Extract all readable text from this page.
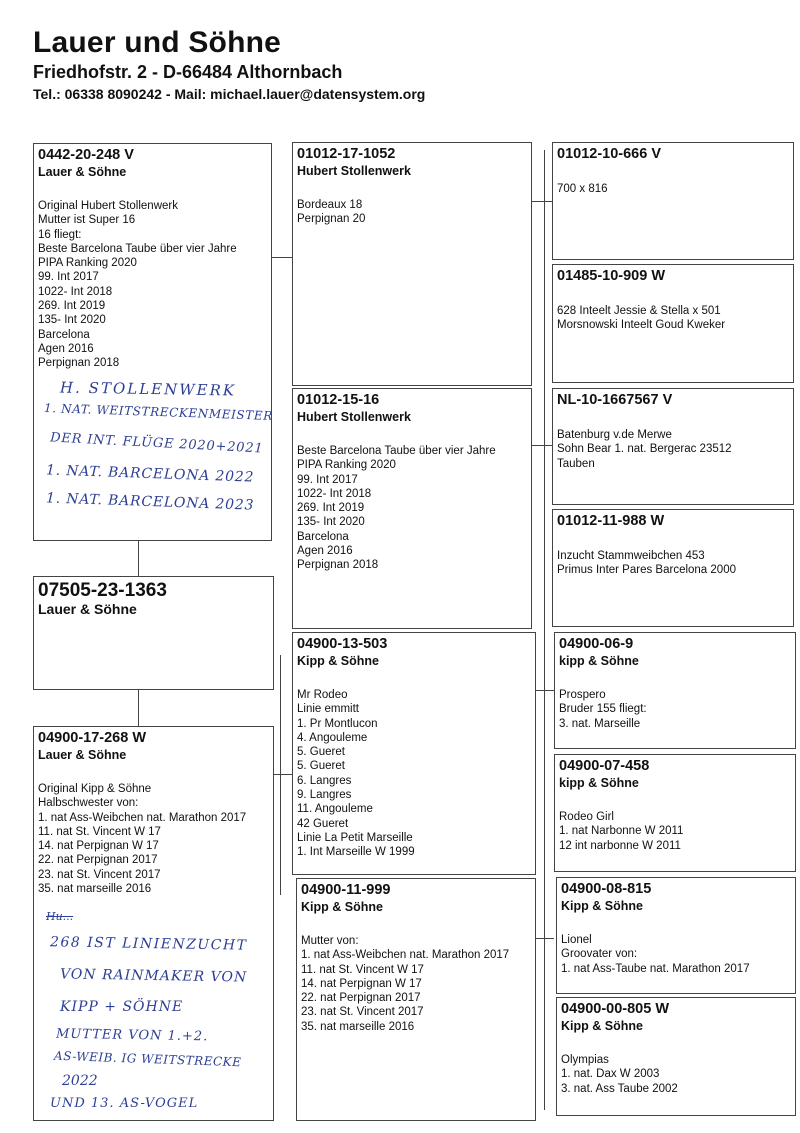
Lauer und Söhne
Friedhofstr. 2 - D-66484 Althornbach
Tel.: 06338 8090242 - Mail: michael.lauer@datensystem.org
0442-20-248 V
Lauer & Söhne
Original Hubert Stollenwerk
Mutter ist Super 16
16 fliegt:
Beste Barcelona Taube über vier Jahre
PIPA Ranking 2020
99. Int 2017
1022- Int 2018
269. Int 2019
135- Int 2020
Barcelona
Agen 2016
Perpignan 2018
07505-23-1363
Lauer & Söhne
04900-17-268 W
Lauer & Söhne
Original Kipp & Söhne
Halbschwester von:
1. nat Ass-Weibchen nat. Marathon 2017
11. nat St. Vincent W 17
14. nat Perpignan W 17
22. nat Perpignan 2017
23. nat St. Vincent 2017
35. nat marseille 2016
01012-17-1052
Hubert Stollenwerk
Bordeaux 18
Perpignan 20
01012-15-16
Hubert Stollenwerk
Beste Barcelona Taube über vier Jahre
PIPA Ranking 2020
99. Int 2017
1022- Int 2018
269. Int 2019
135- Int 2020
Barcelona
Agen 2016
Perpignan 2018
04900-13-503
Kipp & Söhne
Mr Rodeo
Linie emmitt
1. Pr Montlucon
4. Angouleme
5. Gueret
5. Gueret
6. Langres
9. Langres
11. Angouleme
42 Gueret
Linie La Petit Marseille
1. Int Marseille W 1999
04900-11-999
Kipp & Söhne
Mutter von:
1. nat Ass-Weibchen nat. Marathon 2017
11. nat St. Vincent W 17
14. nat Perpignan W 17
22. nat Perpignan 2017
23. nat St. Vincent 2017
35. nat marseille 2016
01012-10-666 V
700 x 816
01485-10-909 W
628 Inteelt Jessie & Stella x 501
Morsnowski Inteelt Goud Kweker
NL-10-1667567 V
Batenburg v.de Merwe
Sohn Bear 1. nat. Bergerac 23512
Tauben
01012-11-988 W
Inzucht Stammweibchen 453
Primus Inter Pares Barcelona 2000
04900-06-9
kipp & Söhne
Prospero
Bruder 155 fliegt:
3. nat. Marseille
04900-07-458
kipp & Söhne
Rodeo Girl
1. nat Narbonne W 2011
12 int narbonne W 2011
04900-08-815
Kipp & Söhne
Lionel
Groovater von:
1. nat Ass-Taube nat. Marathon 2017
04900-00-805 W
Kipp & Söhne
Olympias
1. nat. Dax W 2003
3. nat. Ass Taube 2002
H. STOLLENWERK
1. NAT. WEITSTRECKENMEISTER
DER INT. FLÜGE 2020+2021
1. NAT. BARCELONA 2022
1. NAT. BARCELONA 2023
Hu...
268 IST LINIENZUCHT
VON RAINMAKER VON
KIPP + SÖHNE
MUTTER VON 1.+2.
AS-WEIB. IG WEITSTRECKE
2022
UND 13. AS-VOGEL
